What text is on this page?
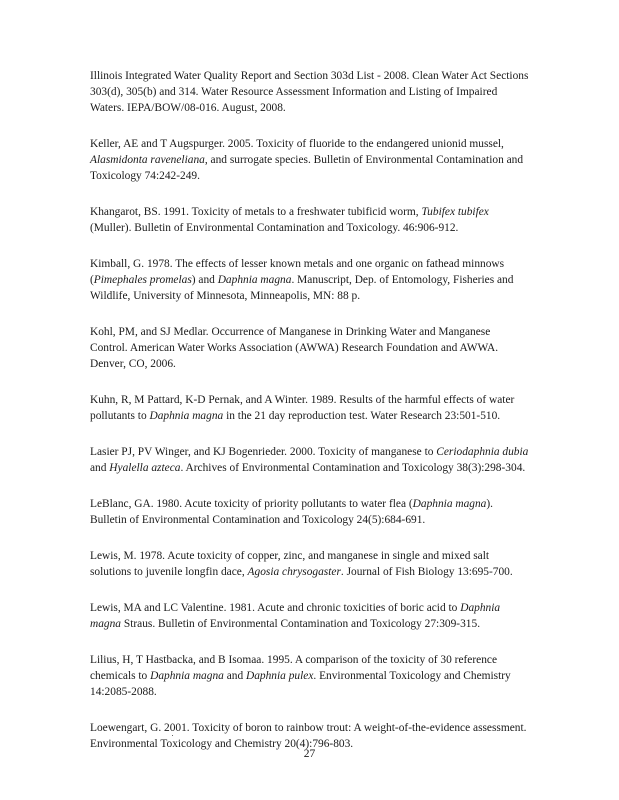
Illinois Integrated Water Quality Report and Section 303d List - 2008. Clean Water Act Sections 303(d), 305(b) and 314. Water Resource Assessment Information and Listing of Impaired Waters. IEPA/BOW/08-016. August, 2008.

Keller, AE and T Augspurger. 2005. Toxicity of fluoride to the endangered unionid mussel, Alasmidonta raveneliana, and surrogate species. Bulletin of Environmental Contamination and Toxicology 74:242-249.

Khangarot, BS. 1991. Toxicity of metals to a freshwater tubificid worm, Tubifex tubifex (Muller). Bulletin of Environmental Contamination and Toxicology. 46:906-912.

Kimball, G. 1978. The effects of lesser known metals and one organic on fathead minnows (Pimephales promelas) and Daphnia magna. Manuscript, Dep. of Entomology, Fisheries and Wildlife, University of Minnesota, Minneapolis, MN: 88 p.

Kohl, PM, and SJ Medlar. Occurrence of Manganese in Drinking Water and Manganese Control. American Water Works Association (AWWA) Research Foundation and AWWA. Denver, CO, 2006.

Kuhn, R, M Pattard, K-D Pernak, and A Winter. 1989. Results of the harmful effects of water pollutants to Daphnia magna in the 21 day reproduction test. Water Research 23:501-510.

Lasier PJ, PV Winger, and KJ Bogenrieder. 2000. Toxicity of manganese to Ceriodaphnia dubia and Hyalella azteca. Archives of Environmental Contamination and Toxicology 38(3):298-304.

LeBlanc, GA. 1980. Acute toxicity of priority pollutants to water flea (Daphnia magna). Bulletin of Environmental Contamination and Toxicology 24(5):684-691.

Lewis, M. 1978. Acute toxicity of copper, zinc, and manganese in single and mixed salt solutions to juvenile longfin dace, Agosia chrysogaster. Journal of Fish Biology 13:695-700.

Lewis, MA and LC Valentine. 1981. Acute and chronic toxicities of boric acid to Daphnia magna Straus. Bulletin of Environmental Contamination and Toxicology 27:309-315.

Lilius, H, T Hastbacka, and B Isomaa. 1995. A comparison of the toxicity of 30 reference chemicals to Daphnia magna and Daphnia pulex. Environmental Toxicology and Chemistry 14:2085-2088.

Loewengart, G. 2001. Toxicity of boron to rainbow trout: A weight-of-the-evidence assessment. Environmental Toxicology and Chemistry 20(4):796-803.

27
